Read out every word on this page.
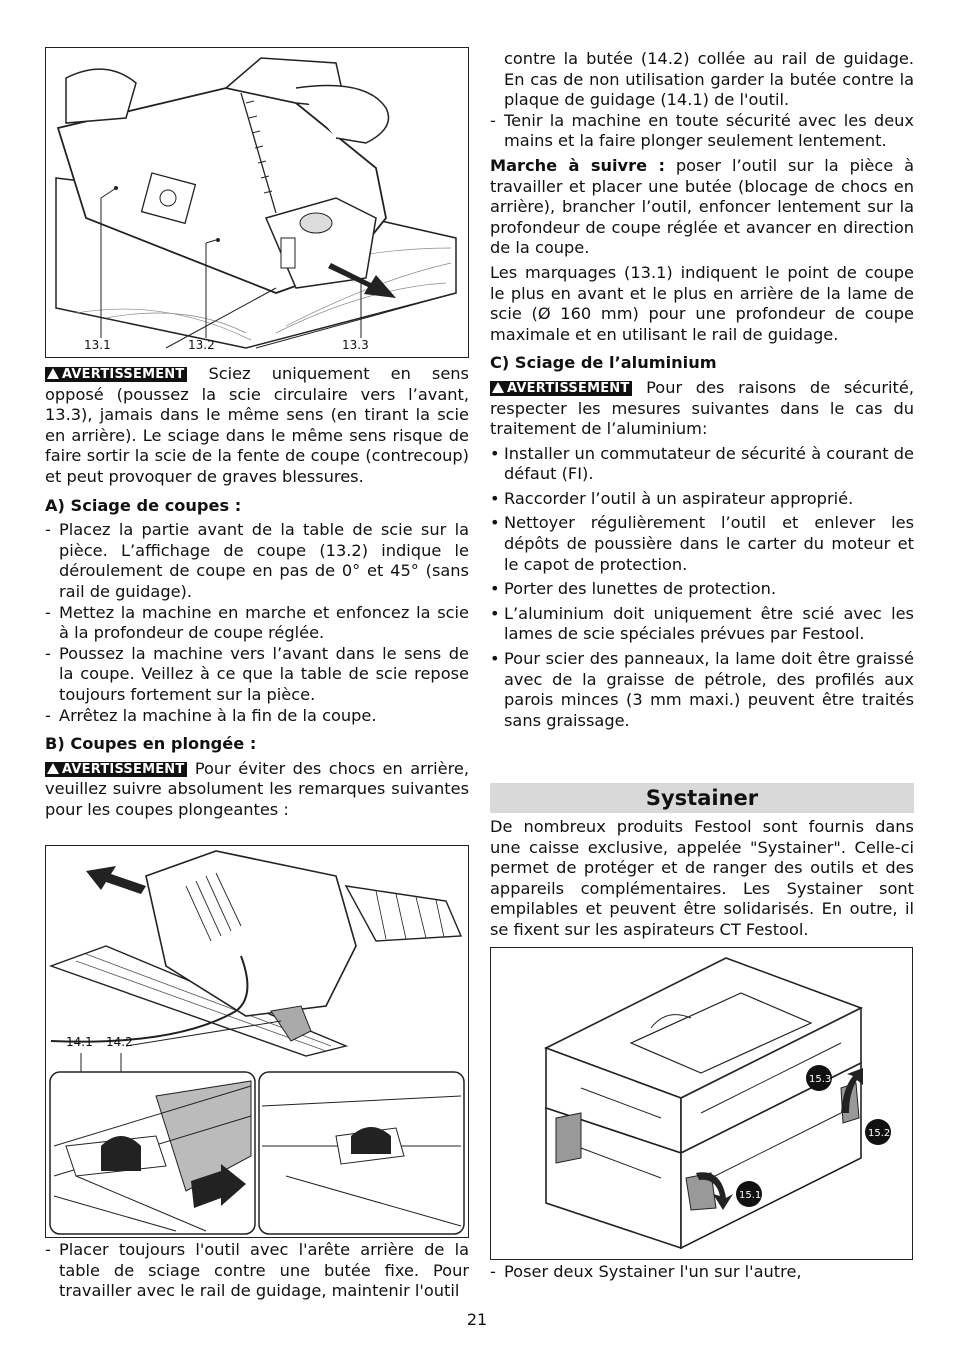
13.1	13.2	13.3

AVERTISSEMENT Sciez uniquement en sens opposé (poussez la scie circulaire vers l’avant, 13.3), jamais dans le même sens (en tirant la scie en arrière). Le sciage dans le même sens risque de faire sortir la scie de la fente de coupe (contrecoup) et peut provoquer de graves blessures.

A) Sciage de coupes :

- Placez la partie avant de la table de scie sur la pièce. L’affichage de coupe (13.2) indique le déroulement de coupe en pas de 0° et 45° (sans rail de guidage).

- Mettez la machine en marche et enfoncez la scie à la profondeur de coupe réglée.

- Poussez la machine vers l’avant dans le sens de la coupe. Veillez à ce que la table de scie repose toujours fortement sur la pièce.

- Arrêtez la machine à la fin de la coupe.

B) Coupes en plongée :

AVERTISSEMENT Pour éviter des chocs en arrière, veuillez suivre absolument les remarques suivantes pour les coupes plongeantes :

14.1 14.2

- Placer toujours l'outil avec l'arête arrière de la table de sciage contre une butée fixe. Pour travailler avec le rail de guidage, maintenir l'outil

contre la butée (14.2) collée au rail de guidage. En cas de non utilisation garder la butée contre la plaque de guidage (14.1) de l'outil.

- Tenir la machine en toute sécurité avec les deux mains et la faire plonger seulement lentement.

Marche à suivre : poser l’outil sur la pièce à travailler et placer une butée (blocage de chocs en arrière), brancher l’outil, enfoncer lentement sur la profondeur de coupe réglée et avancer en direction de la coupe.

Les marquages (13.1) indiquent le point de coupe le plus en avant et le plus en arrière de la lame de scie (Ø 160 mm) pour une profondeur de coupe maximale et en utilisant le rail de guidage.

C) Sciage de l’aluminium

AVERTISSEMENT Pour des raisons de sécurité, respecter les mesures suivantes dans le cas du traitement de l’aluminium:

• Installer un commutateur de sécurité à courant de défaut (FI).

• Raccorder l’outil à un aspirateur approprié.

• Nettoyer régulièrement l’outil et enlever les dépôts de poussière dans le carter du moteur et le capot de protection.

• Porter des lunettes de protection.

• L’aluminium doit uniquement être scié avec les lames de scie spéciales prévues par Festool.

• Pour scier des panneaux, la lame doit être graissé avec de la graisse de pétrole, des profilés aux parois minces (3 mm maxi.) peuvent être traités sans graissage.

Systainer

De nombreux produits Festool sont fournis dans une caisse exclusive, appelée "Systainer". Celle-ci permet de protéger et de ranger des outils et des appareils complémentaires. Les Systainer sont empilables et peuvent être solidarisés. En outre, il se fixent sur les aspirateurs CT Festool.

15.3
15.2
15.1

- Poser deux Systainer l'un sur l'autre,

21
